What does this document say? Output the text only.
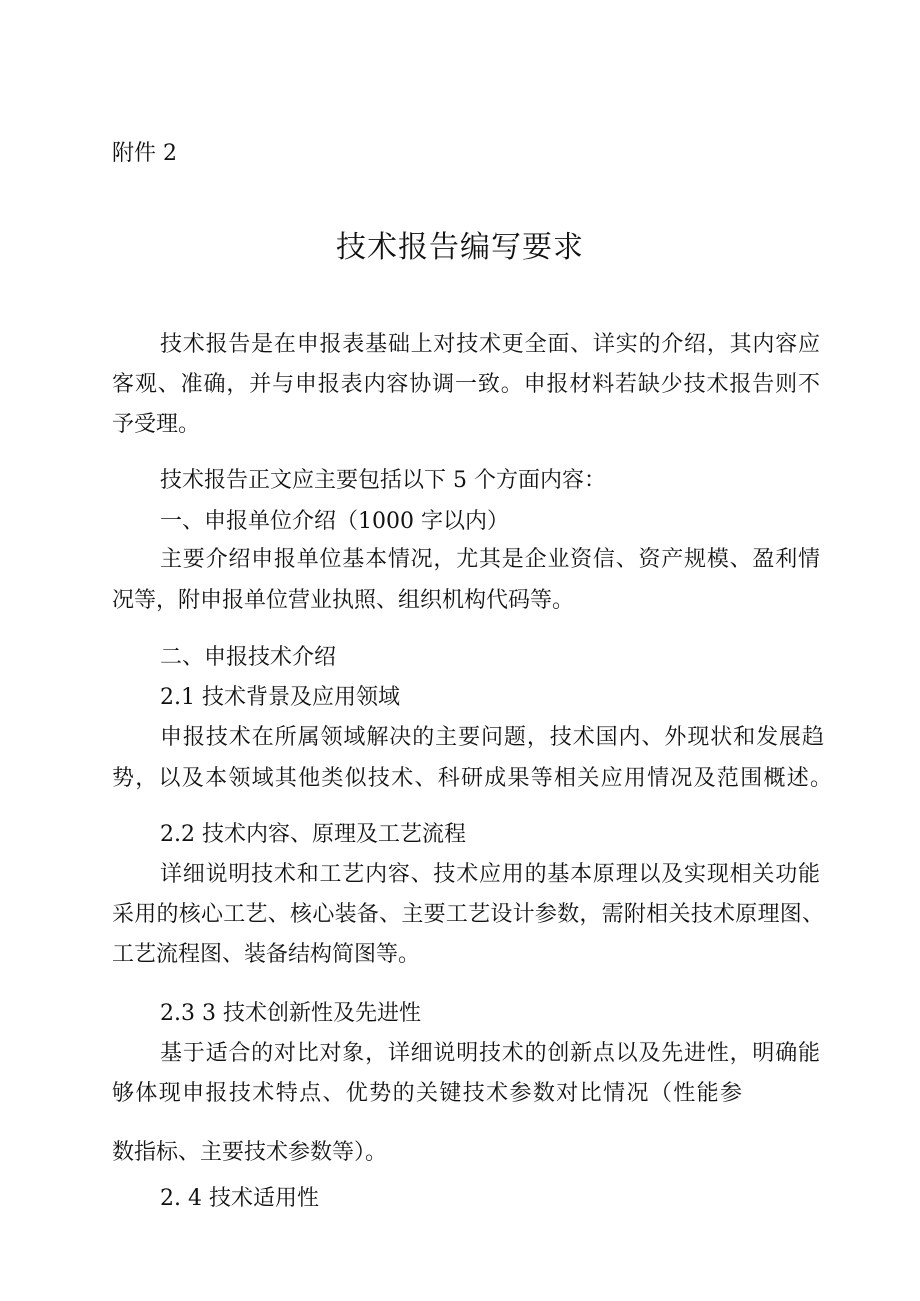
附件 2

技术报告编写要求

技术报告是在申报表基础上对技术更全面、详实的介绍，其内容应

客观、准确，并与申报表内容协调一致。申报材料若缺少技术报告则不

予受理。

技术报告正文应主要包括以下 5 个方面内容：

一、申报单位介绍（1000 字以内）

主要介绍申报单位基本情况，尤其是企业资信、资产规模、盈利情

况等，附申报单位营业执照、组织机构代码等。

二、申报技术介绍

2.1 技术背景及应用领域

申报技术在所属领域解决的主要问题，技术国内、外现状和发展趋

势，以及本领域其他类似技术、科研成果等相关应用情况及范围概述。

2.2 技术内容、原理及工艺流程

详细说明技术和工艺内容、技术应用的基本原理以及实现相关功能

采用的核心工艺、核心装备、主要工艺设计参数，需附相关技术原理图、

工艺流程图、装备结构简图等。

2.3 3 技术创新性及先进性

基于适合的对比对象，详细说明技术的创新点以及先进性，明确能

够体现申报技术特点、优势的关键技术参数对比情况（性能参

数指标、主要技术参数等）。

2. 4 技术适用性
